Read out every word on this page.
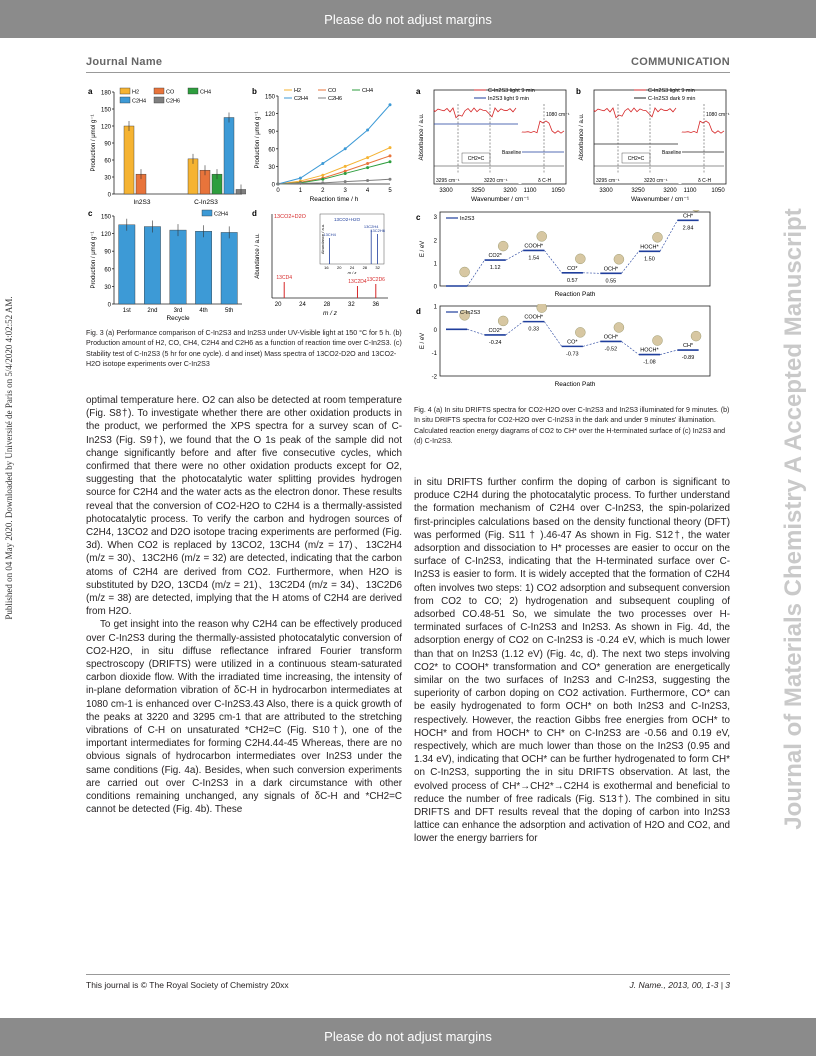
Please do not adjust margins
Journal Name	COMMUNICATION
Published on 04 May 2020. Downloaded by Université de Paris on 5/4/2020 4:02:52 AM.	Journal of Materials Chemistry A Accepted Manuscript
a
0
30
60
90
120
150
180
Production / μmol g⁻¹
In2S3	C-In2S3
H2	CO	CH4
C2H4	C2H6
b
0
30
60
90
120
150
Production / μmol g⁻¹
0	1	2	3	4	5
Reaction time / h
H2	CO	CH4
C2H4	C2H6
c
0
30
60
90
120
150
Production / μmol g⁻¹
1st	2nd	3rd	4th	5th
Recycle
C2H4	d
Abundance / a.u.
20	24	28	32	36
m / z
13CD4
13C2D4 13C2D6
13CO2+D2O
13CH4
13C2H4
13C2H6
13CO2+H2O
16 20 24 28 32
m / z
Abundance / a.u.
Fig. 3 (a) Performance comparison of C-In2S3 and In2S3 under UV-Visible light at 150 °C for 5 h. (b) Production amount of H2, CO, CH4, C2H4 and C2H6 as a function of reaction time over C-In2S3. (c) Stability test of C-In2S3 (5 hr for one cycle). d and inset) Mass spectra of 13CO2-D2O and 13CO2-H2O isotope experiments over C-In2S3
a
Absorbance / a.u.
3300	3250	3200 1100 1050
Wavenumber / cm⁻¹
C-In2S3 light 9 min
In2S3 light 9 min
3295 cm⁻¹	3220 cm⁻¹
CH2=C
Baseline
1080 cm⁻¹
δ C-H
b
Absorbance / a.u.
3300	3250	3200 1100 1050
Wavenumber / cm⁻¹
C-In2S3 light 9 min
C-In2S3 dark 9 min
3295 cm⁻¹	3220 cm⁻¹
CH2=C
Baseline
1080 cm⁻¹
δ C-H
c
0
1
2
3
E / eV
Reaction Path
CO2*
1.12
COOH*
1.54
CO*
0.57
OCH*
0.55
HOCH*
1.50
CH*
2.84
In2S3
d
-2
-1
0
1
E / eV
Reaction Path
CO2*
-0.24
COOH*
0.33
CO*
-0.73
OCH*
-0.52	HOCH*
-1.08
CH*
-0.89
C-In2S3
Fig. 4 (a) In situ DRIFTS spectra for CO2-H2O over C-In2S3 and In2S3 illuminated for 9 minutes. (b) In situ DRIFTS spectra for CO2-H2O over C-In2S3 in the dark and under 9 minutes' illumination. Calculated reaction energy diagrams of CO2 to CH* over the H-terminated surface of (c) In2S3 and (d) C-In2S3.

optimal temperature here. O2 can also be detected at room temperature (Fig. S8†). To investigate whether there are other oxidation products in the product, we performed the XPS spectra for a survey scan of C-In2S3 (Fig. S9†), we found that the O 1s peak of the sample did not change significantly before and after five consecutive cycles, which confirmed that there were no other oxidation products except for O2, suggesting that the photocatalytic water splitting provides hydrogen source for C2H4 and the water acts as the electron donor. These results reveal that the conversion of CO2-H2O to C2H4 is a thermally-assisted photocatalytic process. To verify the carbon and hydrogen sources of C2H4, 13CO2 and D2O isotope tracing experiments are performed (Fig. 3d). When CO2 is replaced by 13CO2, 13CH4 (m/z = 17)、13C2H4 (m/z = 30)、13C2H6 (m/z = 32) are detected, indicating that the carbon atoms of C2H4 are derived from CO2. Furthermore, when H2O is substituted by D2O, 13CD4 (m/z = 21)、13C2D4 (m/z = 34)、13C2D6 (m/z = 38) are detected, implying that the H atoms of C2H4 are derived from H2O.

To get insight into the reason why C2H4 can be effectively produced over C-In2S3 during the thermally-assisted photocatalytic conversion of CO2-H2O, in situ diffuse reflectance infrared Fourier transform spectroscopy (DRIFTS) were utilized in a continuous steam-saturated carbon dioxide flow. With the irradiated time increasing, the intensity of in-plane deformation vibration of δC-H in hydrocarbon intermediates at 1080 cm-1 is enhanced over C-In2S3.43 Also, there is a quick growth of the peaks at 3220 and 3295 cm-1 that are attributed to the stretching vibrations of C-H on unsaturated *CH2=C (Fig. S10†), one of the important intermediates for forming C2H4.44-45 Whereas, there are no obvious signals of hydrocarbon intermediates over In2S3 under the same conditions (Fig. 4a). Besides, when such conversion experiments are carried out over C-In2S3 in a dark circumstance with other conditions remaining unchanged, any signals of δC-H and *CH2=C cannot be detected (Fig. 4b). These

in situ DRIFTS further confirm the doping of carbon is significant to produce C2H4 during the photocatalytic process. To further understand the formation mechanism of C2H4 over C-In2S3, the spin-polarized first-principles calculations based on the density functional theory (DFT) was performed (Fig. S11 † ).46-47 As shown in Fig. S12†, the water adsorption and dissociation to H* processes are easier to occur on the surface of C-In2S3, indicating that the H-terminated surface over C-In2S3 is easier to form. It is widely accepted that the formation of C2H4 often involves two steps: 1) CO2 adsorption and subsequent conversion from CO2 to CO; 2) hydrogenation and subsequent coupling of adsorbed CO.48-51 So, we simulate the two processes over H-terminated surfaces of C-In2S3 and In2S3. As shown in Fig. 4d, the adsorption energy of CO2 on C-In2S3 is -0.24 eV, which is much lower than that on In2S3 (1.12 eV) (Fig. 4c, d). The next two steps involving CO2* to COOH* transformation and CO* generation are energetically similar on the two surfaces of In2S3 and C-In2S3, suggesting the superiority of carbon doping on CO2 activation. Furthermore, CO* can be easily hydrogenated to form OCH* on both In2S3 and C-In2S3, respectively. However, the reaction Gibbs free energies from OCH* to HOCH* and from HOCH* to CH* on C-In2S3 are -0.56 and 0.19 eV, respectively, which are much lower than those on the In2S3 (0.95 and 1.34 eV), indicating that OCH* can be further hydrogenated to form CH* on C-In2S3, supporting the in situ DRIFTS observation. At last, the evolved process of CH*→CH2*→C2H4 is exothermal and beneficial to reduce the number of free radicals (Fig. S13†). The combined in situ DRIFTS and DFT results reveal that the doping of carbon into In2S3 lattice can enhance the adsorption and activation of H2O and CO2, and lower the energy barriers for

This journal is © The Royal Society of Chemistry 20xx	J. Name., 2013, 00, 1-3 | 3
Please do not adjust margins
